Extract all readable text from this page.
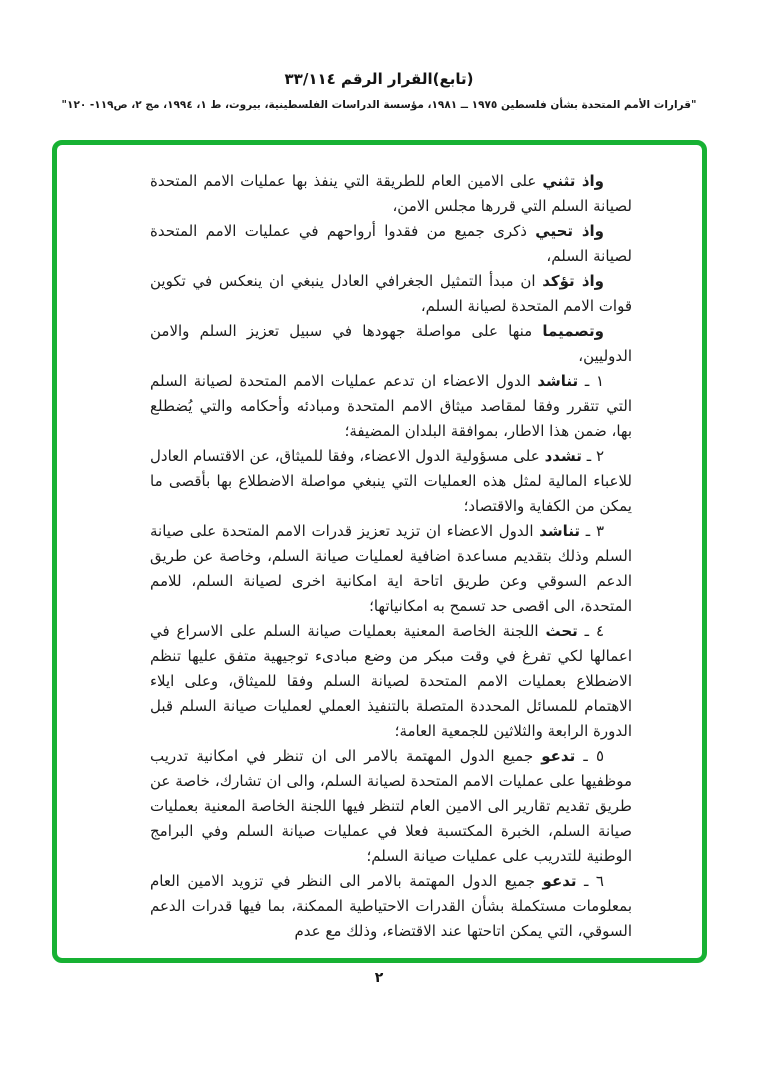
(تابع)القرار الرقم ٣٣/١١٤
"قرارات الأمم المتحدة بشأن فلسطين ١٩٧٥ ــ ١٩٨١، مؤسسة الدراسات الفلسطينية، بيروت، ط ١، ١٩٩٤، مج ٢، ص١١٩- ١٢٠"

واذ تثني على الامين العام للطريقة التي ينفذ بها عمليات الامم المتحدة لصيانة السلم التي قررها مجلس الامن،

واذ تحيي ذكرى جميع من فقدوا أرواحهم في عمليات الامم المتحدة لصيانة السلم،

واذ تؤكد ان مبدأ التمثيل الجغرافي العادل ينبغي ان ينعكس في تكوين قوات الامم المتحدة لصيانة السلم،

وتصميما منها على مواصلة جهودها في سبيل تعزيز السلم والامن الدوليين،

١ ـ تناشد الدول الاعضاء ان تدعم عمليات الامم المتحدة لصيانة السلم التي تتقرر وفقا لمقاصد ميثاق الامم المتحدة ومبادئه وأحكامه والتي يُضطلع بها، ضمن هذا الاطار، بموافقة البلدان المضيفة؛

٢ ـ تشدد على مسؤولية الدول الاعضاء، وفقا للميثاق، عن الاقتسام العادل للاعباء المالية لمثل هذه العمليات التي ينبغي مواصلة الاضطلاع بها بأقصى ما يمكن من الكفاية والاقتصاد؛

٣ ـ تناشد الدول الاعضاء ان تزيد تعزيز قدرات الامم المتحدة على صيانة السلم وذلك بتقديم مساعدة اضافية لعمليات صيانة السلم، وخاصة عن طريق الدعم السوقي وعن طريق اتاحة اية امكانية اخرى لصيانة السلم، للامم المتحدة، الى اقصى حد تسمح به امكانياتها؛

٤ ـ تحث اللجنة الخاصة المعنية بعمليات صيانة السلم على الاسراع في اعمالها لكي تفرغ في وقت مبكر من وضع مبادىء توجيهية متفق عليها تنظم الاضطلاع بعمليات الامم المتحدة لصيانة السلم وفقا للميثاق، وعلى ايلاء الاهتمام للمسائل المحددة المتصلة بالتنفيذ العملي لعمليات صيانة السلم قبل الدورة الرابعة والثلاثين للجمعية العامة؛

٥ ـ تدعو جميع الدول المهتمة بالامر الى ان تنظر في امكانية تدريب موظفيها على عمليات الامم المتحدة لصيانة السلم، والى ان تشارك، خاصة عن طريق تقديم تقارير الى الامين العام لتنظر فيها اللجنة الخاصة المعنية بعمليات صيانة السلم، الخبرة المكتسبة فعلا في عمليات صيانة السلم وفي البرامج الوطنية للتدريب على عمليات صيانة السلم؛

٦ ـ تدعو جميع الدول المهتمة بالامر الى النظر في تزويد الامين العام بمعلومات مستكملة بشأن القدرات الاحتياطية الممكنة، بما فيها قدرات الدعم السوقي، التي يمكن اتاحتها عند الاقتضاء، وذلك مع عدم

٢
